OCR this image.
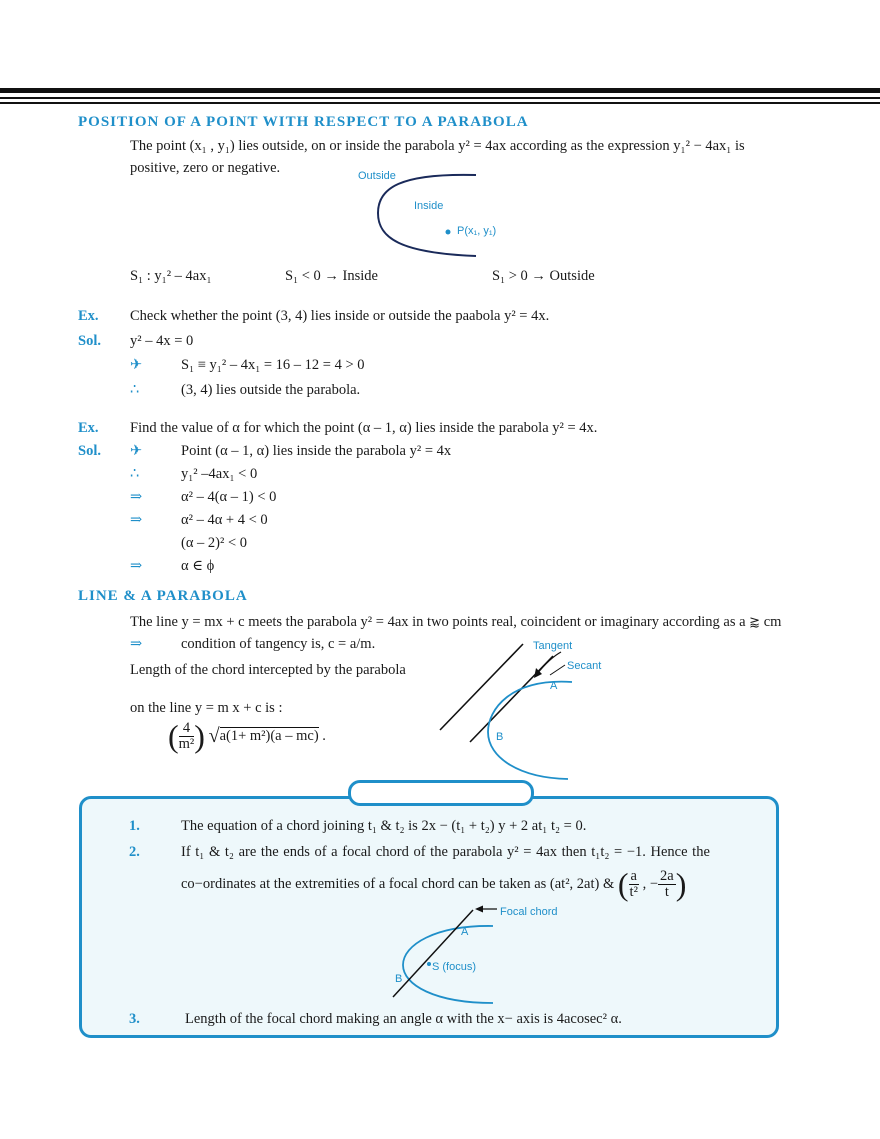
POSITION OF A POINT WITH RESPECT TO A PARABOLA
The point (x₁ , y₁) lies outside, on or inside the parabola y² = 4ax according as the expression y₁² − 4ax₁ is
positive, zero or negative.	Outside
Inside
P(x₁, y₁)
S₁ : y₁² – 4ax₁	S₁ < 0 → Inside	S₁ > 0 → Outside
Ex. Check whether the point (3, 4) lies inside or outside the paabola y² = 4x.
Sol. y² – 4x = 0
✈	S₁ ≡ y₁² – 4x₁ = 16 – 12 = 4 > 0
∴	(3, 4) lies outside the parabola.
Ex. Find the value of α for which the point (α – 1, α) lies inside the parabola y² = 4x.
Sol. ✈	Point (α – 1, α) lies inside the parabola y² = 4x
∴	y₁² –4ax₁ < 0
⇒	α² – 4(α – 1) < 0
⇒	α² – 4α + 4 < 0
(α – 2)² < 0
⇒	α ∈ ϕ
LINE & A PARABOLA
The line y = mx + c meets the parabola y² = 4ax in two points real, coincident or imaginary according as a ⪆ cm
⇒	condition of tangency is, c = a/m.
Length of the chord intercepted by the parabola
on the line y = m x + c is :
( $\frac{4}{\text{m²}}$ ) √a(1+ m²)(a – mc) .
Tangent
Secant
A
B
1.	The equation of a chord joining t₁ & t₂ is 2x − (t₁ + t₂) y + 2 at₁ t₂ = 0.
2.	If t₁ & t₂ are the ends of a focal chord of the parabola y² = 4ax then t₁t₂ = −1. Hence the
co−ordinates at the extremities of a focal chord can be taken as (at², 2at) & ( $\frac{a}{\text{t²}}$ , − $\frac{2a}{t}$ )
Focal chord
A
S (focus)
B
3.	Length of the focal chord making an angle α with the x− axis is 4acosec² α.
